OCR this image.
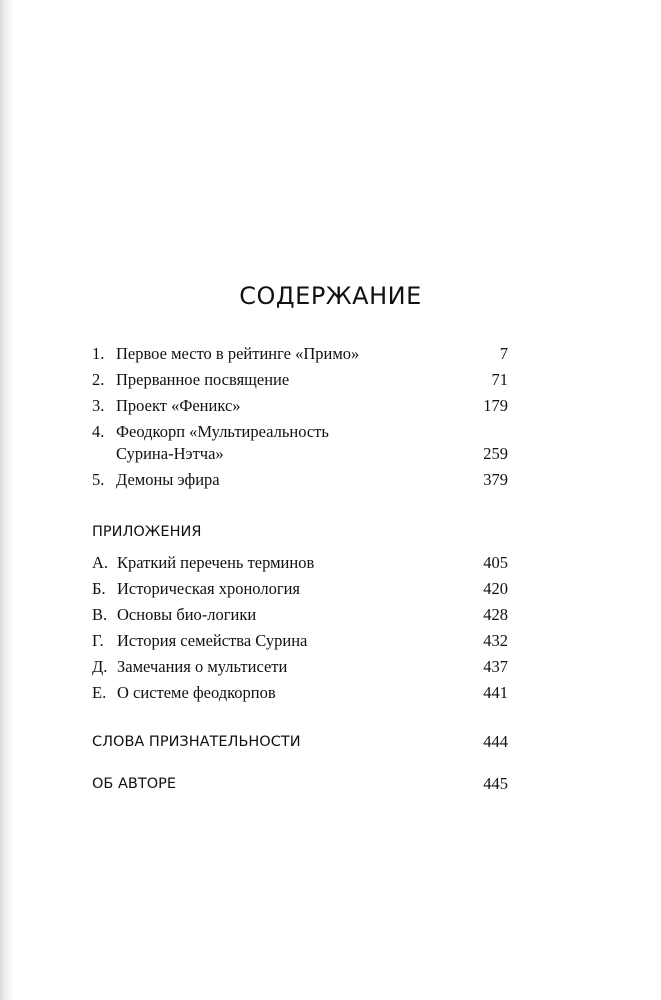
СОДЕРЖАНИЕ
1. Первое место в рейтинге «Примо»	7
2. Прерванное посвящение	71
3. Проект «Феникс»	179
4. Феодкорп «Мультиреальность
Сурина-Нэтча»	259
5. Демоны эфира	379
ПРИЛОЖЕНИЯ
А. Краткий перечень терминов	405
Б. Историческая хронология	420
В. Основы био-логики	428
Г. История семейства Сурина	432
Д. Замечания о мультисети	437
Е. О системе феодкорпов	441
СЛОВА ПРИЗНАТЕЛЬНОСТИ	444
ОБ АВТОРЕ	445
